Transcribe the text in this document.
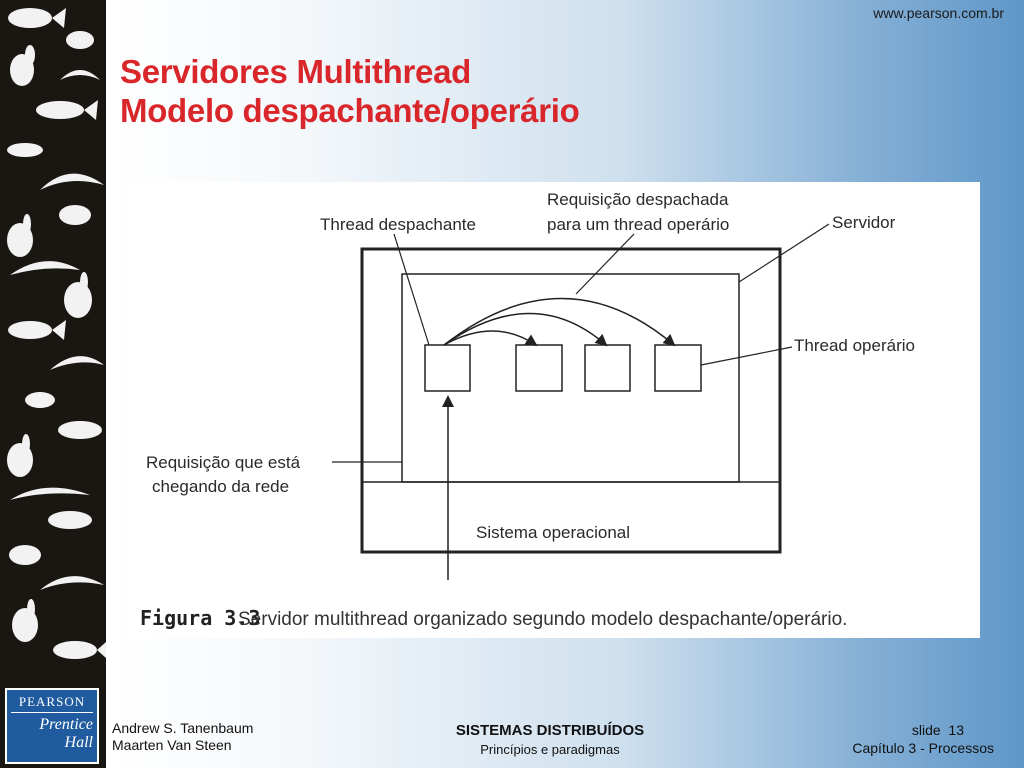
PEARSON
Prentice
Hall
www.pearson.com.br
Servidores Multithread
Modelo despachante/operário
Thread despachante
Requisição despachada
para um thread operário	Servidor
Thread operário
Requisição que está
chegando da rede
Sistema operacional
Figura 3.3
Servidor multithread organizado segundo modelo despachante/operário.
Andrew S. Tanenbaum
Maarten Van Steen
SISTEMAS DISTRIBUÍDOS
Princípios e paradigmas
slide  13
Capítulo 3 - Processos
